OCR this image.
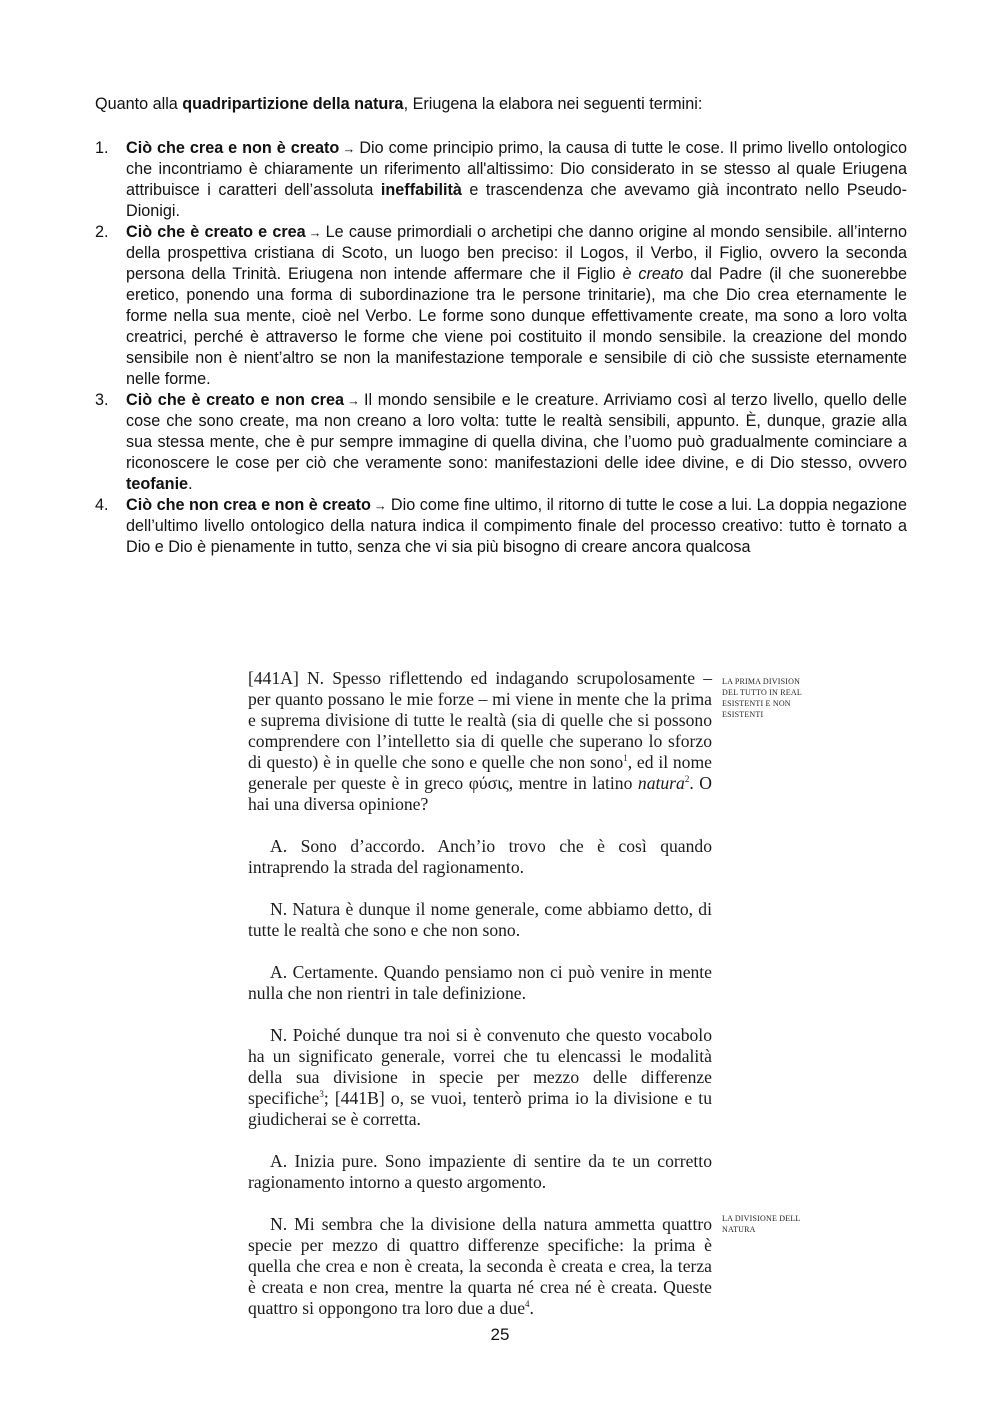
Quanto alla quadripartizione della natura, Eriugena la elabora nei seguenti termini:
1. Ciò che crea e non è creato → Dio come principio primo, la causa di tutte le cose. Il primo livello ontologico che incontriamo è chiaramente un riferimento all'altissimo: Dio considerato in se stesso al quale Eriugena attribuisce i caratteri dell’assoluta ineffabilità e trascendenza che avevamo già incontrato nello Pseudo-Dionigi.
2. Ciò che è creato e crea → Le cause primordiali o archetipi che danno origine al mondo sensibile. all’interno della prospettiva cristiana di Scoto, un luogo ben preciso: il Logos, il Verbo, il Figlio, ovvero la seconda persona della Trinità. Eriugena non intende affermare che il Figlio è creato dal Padre (il che suonerebbe eretico, ponendo una forma di subordinazione tra le persone trinitarie), ma che Dio crea eternamente le forme nella sua mente, cioè nel Verbo. Le forme sono dunque effettivamente create, ma sono a loro volta creatrici, perché è attraverso le forme che viene poi costituito il mondo sensibile. la creazione del mondo sensibile non è nient’altro se non la manifestazione temporale e sensibile di ciò che sussiste eternamente nelle forme.
3. Ciò che è creato e non crea → Il mondo sensibile e le creature. Arriviamo così al terzo livello, quello delle cose che sono create, ma non creano a loro volta: tutte le realtà sensibili, appunto. È, dunque, grazie alla sua stessa mente, che è pur sempre immagine di quella divina, che l’uomo può gradualmente cominciare a riconoscere le cose per ciò che veramente sono: manifestazioni delle idee divine, e di Dio stesso, ovvero teofanie.
4. Ciò che non crea e non è creato → Dio come fine ultimo, il ritorno di tutte le cose a lui. La doppia negazione dell’ultimo livello ontologico della natura indica il compimento finale del processo creativo: tutto è tornato a Dio e Dio è pienamente in tutto, senza che vi sia più bisogno di creare ancora qualcosa

[441A] N. Spesso riflettendo ed indagando scrupolosamente – per quanto possano le mie forze – mi viene in mente che la prima e suprema divisione di tutte le realtà (sia di quelle che si possono comprendere con l’intelletto sia di quelle che superano lo sforzo di questo) è in quelle che sono e quelle che non sono$^1$, ed il nome generale per queste è in greco φύσις, mentre in latino natura$^2$. O hai una diversa opinione?

A. Sono d’accordo. Anch’io trovo che è così quando intraprendo la strada del ragionamento.

N. Natura è dunque il nome generale, come abbiamo detto, di tutte le realtà che sono e che non sono.

A. Certamente. Quando pensiamo non ci può venire in mente nulla che non rientri in tale definizione.

N. Poiché dunque tra noi si è convenuto che questo vocabolo ha un significato generale, vorrei che tu elencassi le modalità della sua divisione in specie per mezzo delle differenze specifiche$^3$; [441B] o, se vuoi, tenterò prima io la divisione e tu giudicherai se è corretta.

A. Inizia pure. Sono impaziente di sentire da te un corretto ragionamento intorno a questo argomento.

N. Mi sembra che la divisione della natura ammetta quattro specie per mezzo di quattro differenze specifiche: la prima è quella che crea e non è creata, la seconda è creata e crea, la terza è creata e non crea, mentre la quarta né crea né è creata. Queste quattro si oppongono tra loro due a due$^4$.

LA PRIMA DIVISION DEL TUTTO IN REAL ESISTENTI E NON ESISTENTI
LA DIVISIONE DELL NATURA
25
